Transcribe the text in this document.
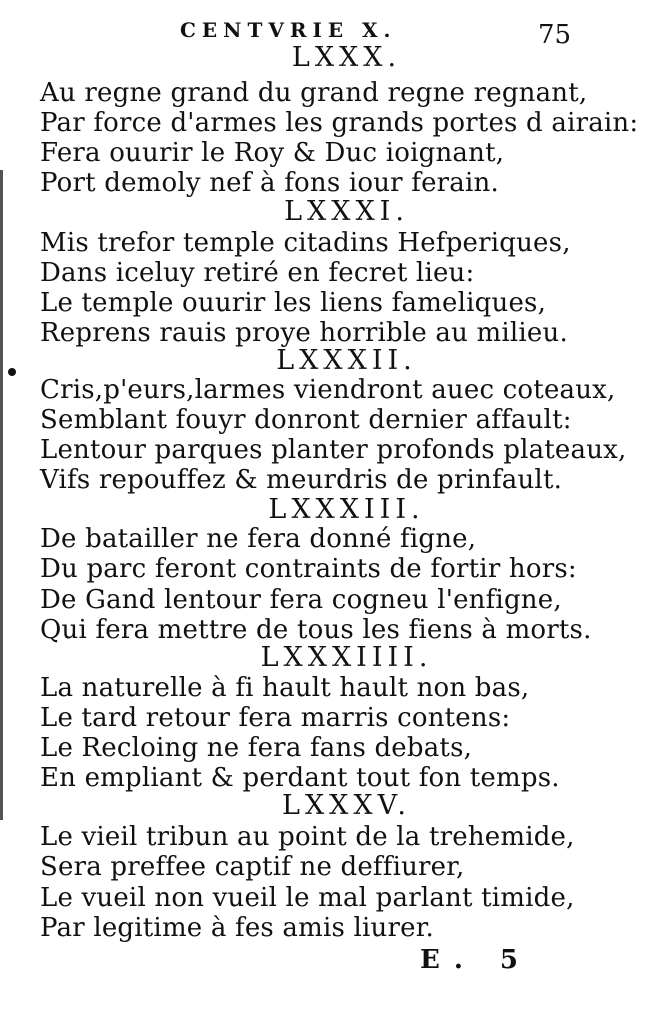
CENTVRIE X.	75
LXXX.
Au regne grand du grand regne regnant,
Par force d'armes les grands portes d airain:
Fera ouurir le Roy & Duc ioignant,
Port demoly nef à fons iour ferain.
LXXXI.
Mis trefor temple citadins Hefperiques,
Dans iceluy retiré en fecret lieu:
Le temple ouurir les liens fameliques,
Reprens rauis proye horrible au milieu.
LXXXII.
Cris,p'eurs,larmes viendront auec coteaux,
Semblant fouyr donront dernier affault:
Lentour parques planter profonds plateaux,
Vifs repouffez & meurdris de prinfault.
LXXXIII.
De batailler ne fera donné figne,
Du parc feront contraints de fortir hors:
De Gand lentour fera cogneu l'enfigne,
Qui fera mettre de tous les fiens à morts.
LXXXIIII.
La naturelle à fi hault hault non bas,
Le tard retour fera marris contens:
Le Recloing ne fera fans debats,
En empliant & perdant tout fon temps.
LXXXV.
Le vieil tribun au point de la trehemide,
Sera preffee captif ne deffiurer,
Le vueil non vueil le mal parlant timide,
Par legitime à fes amis liurer.
E. 5
